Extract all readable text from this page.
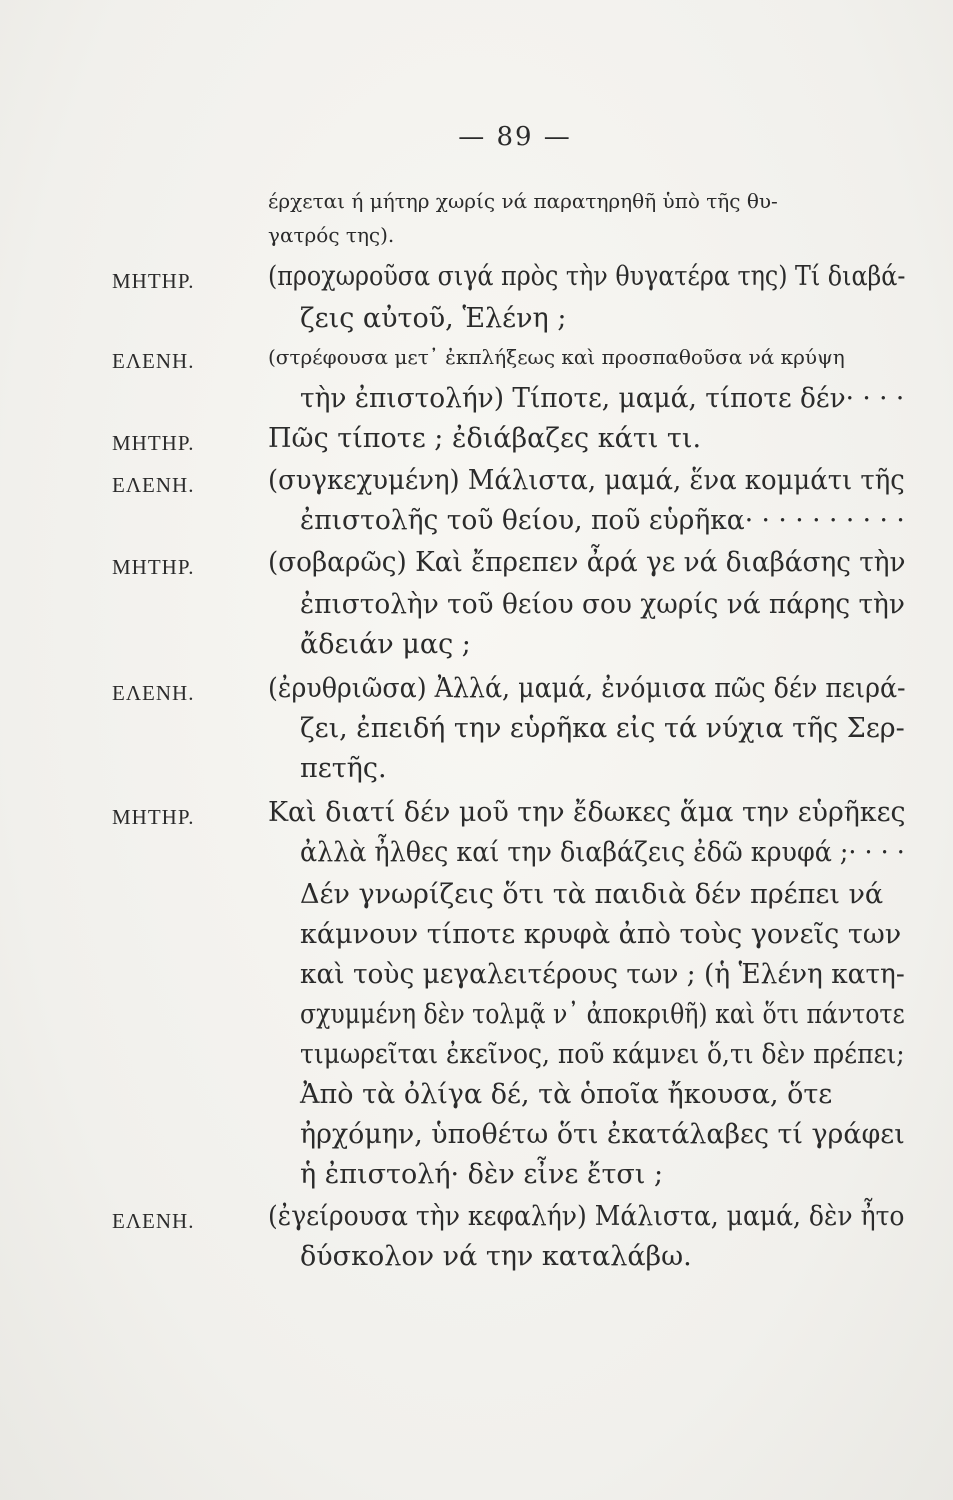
— 89 —
έρχεται ή μήτηρ χωρίς νά παρατηρηθῆ ὑπὸ τῆς θυ-
γατρός της).
ΜΗΤΗΡ.	(προχωροῦσα σιγά πρὸς τὴν θυγατέρα της) Τί διαβά-
ζεις αὐτοῦ, Ἑλένη ;
ΕΛΕΝΗ.	(στρέφουσα μετ᾽ ἐκπλήξεως καὶ προσπαθοῦσα νά κρύψη
τὴν ἐπιστολήν) Τίποτε, μαμά, τίποτε δέν· · · ·
ΜΗΤΗΡ.	Πῶς τίποτε ; ἐδιάβαζες κάτι τι.
ΕΛΕΝΗ.	(συγκεχυμένη) Μάλιστα, μαμά, ἕνα κομμάτι τῆς
ἐπιστολῆς τοῦ θείου, ποῦ εὑρῆκα· · · · · · · · · ·
ΜΗΤΗΡ.	(σοβαρῶς) Καὶ ἔπρεπεν ἆρά γε νά διαβάσης τὴν
ἐπιστολὴν τοῦ θείου σου χωρίς νά πάρης τὴν
ἄδειάν μας ;
ΕΛΕΝΗ.	(ἐρυθριῶσα) Ἀλλά, μαμά, ἐνόμισα πῶς δέν πειρά-
ζει, ἐπειδή την εὑρῆκα εἰς τά νύχια τῆς Σερ-
πετῆς.
ΜΗΤΗΡ.	Καὶ διατί δέν μοῦ την ἔδωκες ἅμα την εὑρῆκες
ἀλλὰ ἦλθες καί την διαβάζεις ἐδῶ κρυφά ;· · · ·
Δέν γνωρίζεις ὅτι τὰ παιδιὰ δέν πρέπει νά
κάμνουν τίποτε κρυφὰ ἀπὸ τοὺς γονεῖς των
καὶ τοὺς μεγαλειτέρους των ; (ἡ Ἑλένη κατη-
σχυμμένη δὲν τολμᾷ ν᾽ ἀποκριθῆ) καὶ ὅτι πάντοτε
τιμωρεῖται ἐκεῖνος, ποῦ κάμνει ὅ,τι δὲν πρέπει;
Ἀπὸ τὰ ὀλίγα δέ, τὰ ὁποῖα ἤκουσα, ὅτε
ἠρχόμην, ὑποθέτω ὅτι ἐκατάλαβες τί γράφει
ἡ ἐπιστολή· δὲν εἶνε ἔτσι ;
ΕΛΕΝΗ.	(ἐγείρουσα τὴν κεφαλήν) Μάλιστα, μαμά, δὲν ἦτο
δύσκολον νά την καταλάβω.
